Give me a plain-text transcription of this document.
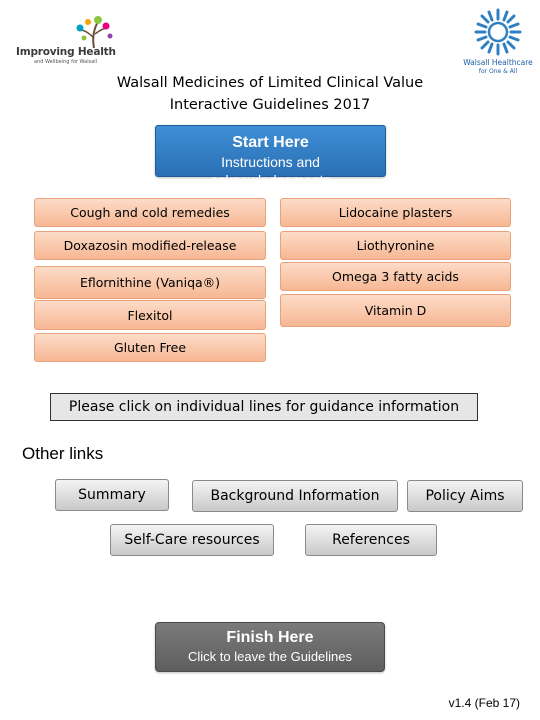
Improving Health
and Wellbeing for Walsall	Walsall Healthcare
for One & All
Walsall Medicines of Limited Clinical Value
Interactive Guidelines 2017
Start Here
Instructions and
acknowledgements
Cough and cold remedies
Doxazosin modified-release
Eflornithine (Vaniqa®)
Flexitol
Gluten Free
Lidocaine plasters
Liothyronine
Omega 3 fatty acids
Vitamin D
Please click on individual lines for guidance information
Other links
Summary	Background Information	Policy Aims
Self-Care resources	References
Finish Here
Click to leave the Guidelines
v1.4 (Feb 17)
